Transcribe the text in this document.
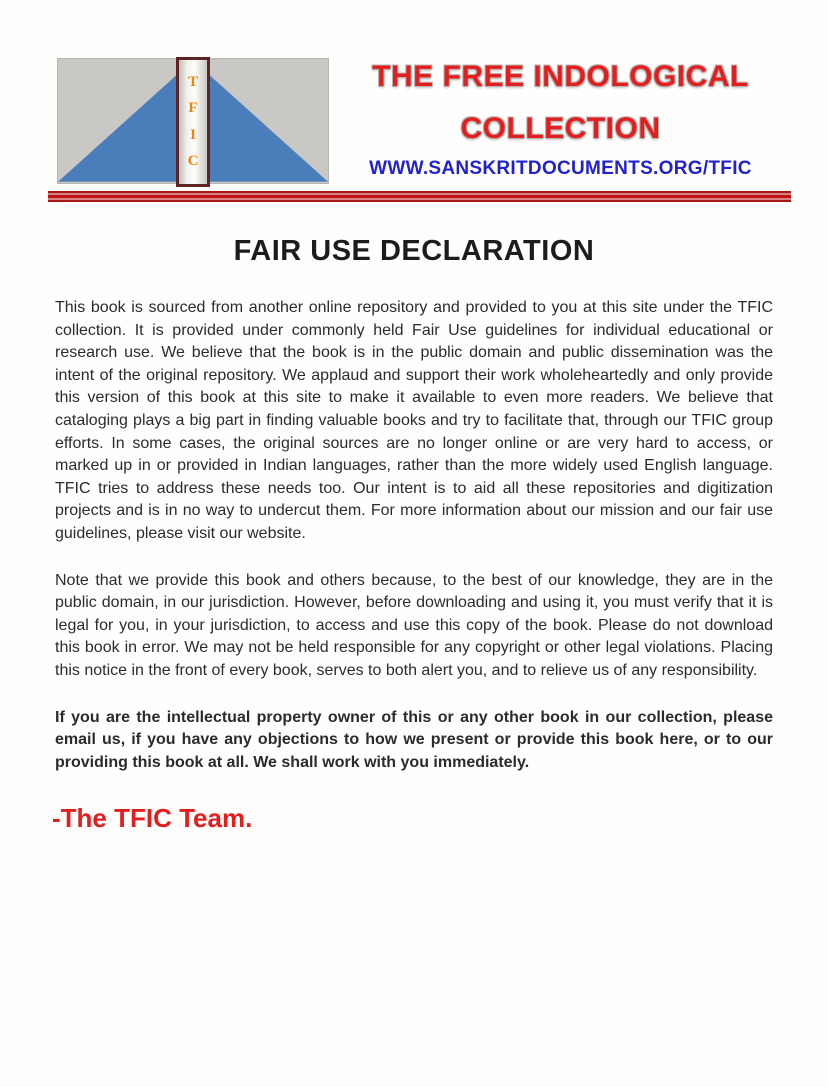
T
F
I
C
THE FREE INDOLOGICAL
COLLECTION
WWW.SANSKRITDOCUMENTS.ORG/TFIC
FAIR USE DECLARATION

This book is sourced from another online repository and provided to you at this site under the TFIC collection. It is provided under commonly held Fair Use guidelines for individual educational or research use. We believe that the book is in the public domain and public dissemination was the intent of the original repository. We applaud and support their work wholeheartedly and only provide this version of this book at this site to make it available to even more readers. We believe that cataloging plays a big part in finding valuable books and try to facilitate that, through our TFIC group efforts. In some cases, the original sources are no longer online or are very hard to access, or marked up in or provided in Indian languages, rather than the more widely used English language. TFIC tries to address these needs too. Our intent is to aid all these repositories and digitization projects and is in no way to undercut them. For more information about our mission and our fair use guidelines, please visit our website.

Note that we provide this book and others because, to the best of our knowledge, they are in the public domain, in our jurisdiction. However, before downloading and using it, you must verify that it is legal for you, in your jurisdiction, to access and use this copy of the book. Please do not download this book in error. We may not be held responsible for any copyright or other legal violations. Placing this notice in the front of every book, serves to both alert you, and to relieve us of any responsibility.

If you are the intellectual property owner of this or any other book in our collection, please email us, if you have any objections to how we present or provide this book here, or to our providing this book at all. We shall work with you immediately.

-The TFIC Team.
